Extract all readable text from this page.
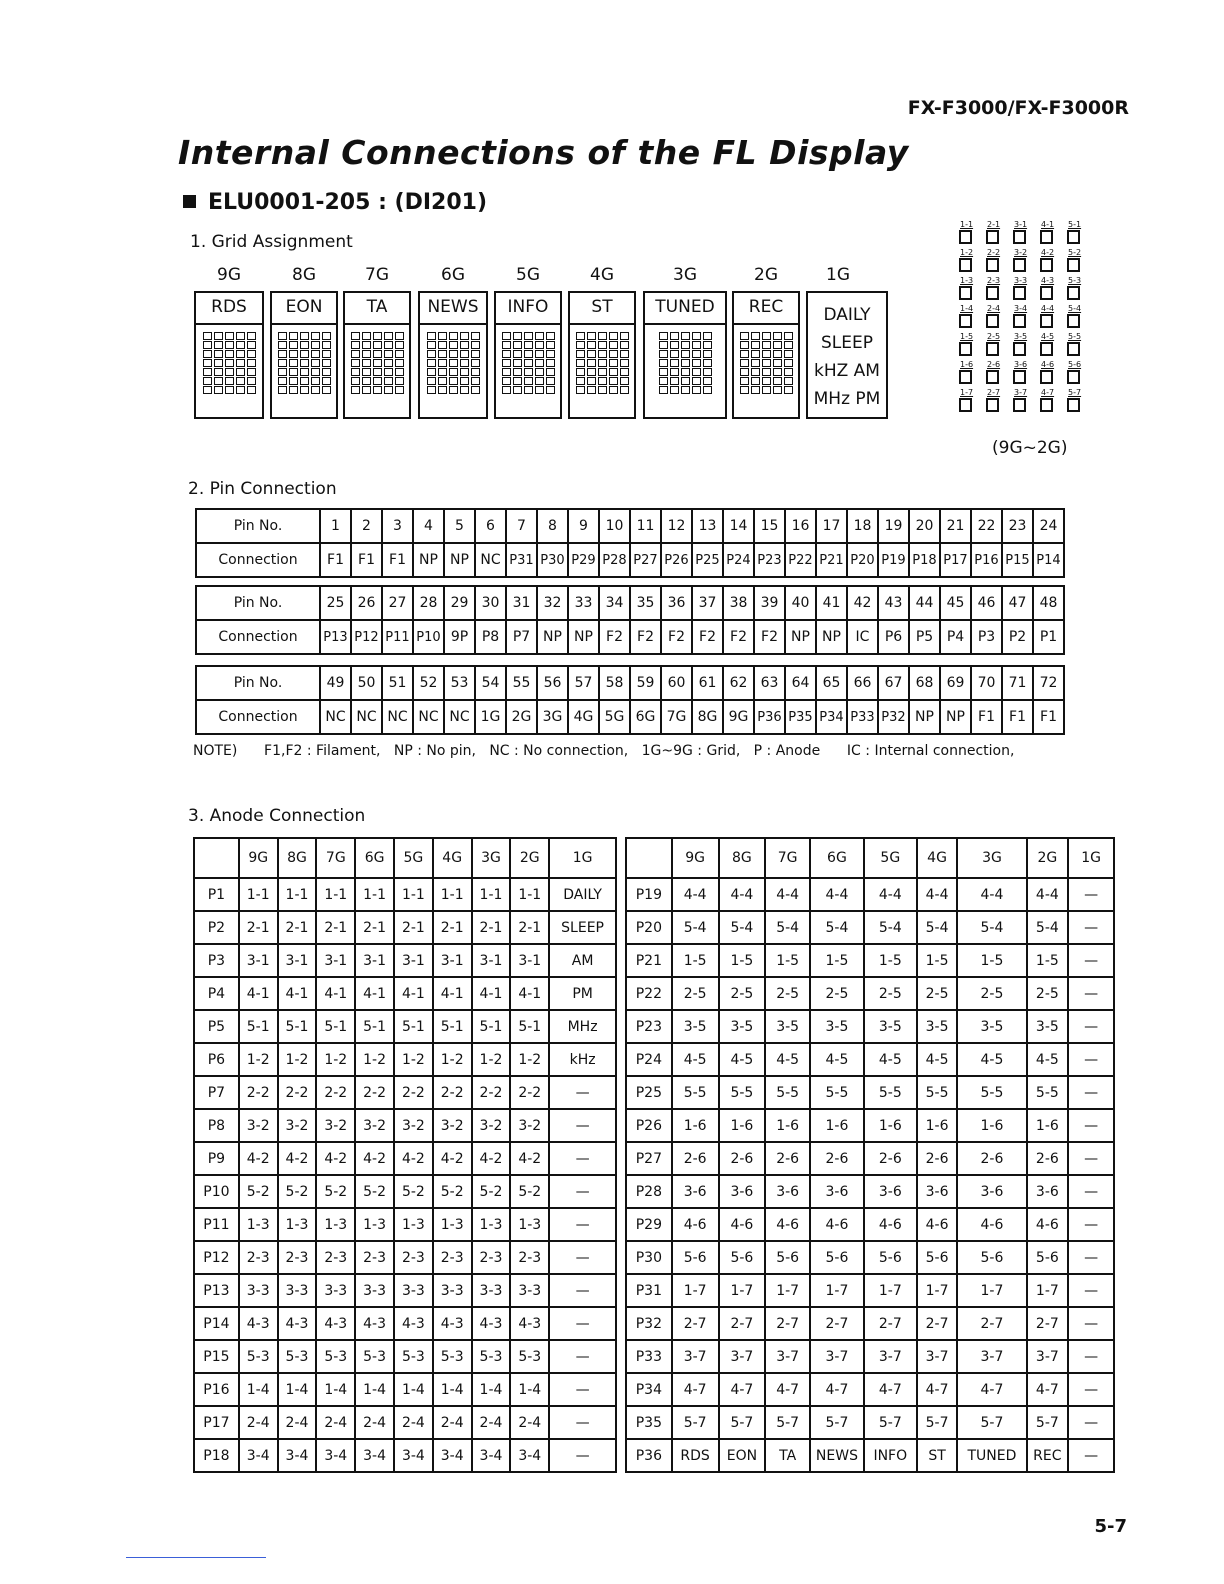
FX-F3000/FX-F3000R
Internal Connections of the FL Display
ELU0001-205 : (DI201)
1. Grid Assignment
9G
RDS
8G
EON
7G
TA
6G
NEWS
5G
INFO
4G
ST
3G
TUNED
2G
REC
1G
DAILY
SLEEP
kHZ AM
MHz PM
1-1 2-1 3-1 4-1 5-1
1-2 2-2 3-2 4-2 5-2
1-3 2-3 3-3 4-3 5-3
1-4 2-4 3-4 4-4 5-4
1-5 2-5 3-5 4-5 5-5
1-6 2-6 3-6 4-6 5-6
1-7 2-7 3-7 4-7 5-7
(9G~2G)
2. Pin Connection
Pin No.	1	2	3	4	5	6	7	8	9	10	11	12	13	14	15	16	17	18	19	20	21	22	23	24
Connection	F1	F1	F1	NP	NP	NC	P31	P30	P29	P28	P27	P26	P25	P24	P23	P22	P21	P20	P19	P18	P17	P16	P15	P14
Pin No.	25	26	27	28	29	30	31	32	33	34	35	36	37	38	39	40	41	42	43	44	45	46	47	48
Connection	P13	P12	P11	P10	9P	P8	P7	NP	NP	F2	F2	F2	F2	F2	F2	NP	NP	IC	P6	P5	P4	P3	P2	P1
Pin No.	49	50	51	52	53	54	55	56	57	58	59	60	61	62	63	64	65	66	67	68	69	70	71	72
Connection	NC	NC	NC	NC	NC	1G	2G	3G	4G	5G	6G	7G	8G	9G	P36	P35	P34	P33	P32	NP	NP	F1	F1	F1
NOTE)      F1,F2 : Filament,   NP : No pin,   NC : No connection,   1G~9G : Grid,   P : Anode      IC : Internal connection,
3. Anode Connection
	9G	8G	7G	6G	5G	4G	3G	2G	1G
P1	1-1	1-1	1-1	1-1	1-1	1-1	1-1	1-1	DAILY
P2	2-1	2-1	2-1	2-1	2-1	2-1	2-1	2-1	SLEEP
P3	3-1	3-1	3-1	3-1	3-1	3-1	3-1	3-1	AM
P4	4-1	4-1	4-1	4-1	4-1	4-1	4-1	4-1	PM
P5	5-1	5-1	5-1	5-1	5-1	5-1	5-1	5-1	MHz
P6	1-2	1-2	1-2	1-2	1-2	1-2	1-2	1-2	kHz
P7	2-2	2-2	2-2	2-2	2-2	2-2	2-2	2-2	—
P8	3-2	3-2	3-2	3-2	3-2	3-2	3-2	3-2	—
P9	4-2	4-2	4-2	4-2	4-2	4-2	4-2	4-2	—
P10	5-2	5-2	5-2	5-2	5-2	5-2	5-2	5-2	—
P11	1-3	1-3	1-3	1-3	1-3	1-3	1-3	1-3	—
P12	2-3	2-3	2-3	2-3	2-3	2-3	2-3	2-3	—
P13	3-3	3-3	3-3	3-3	3-3	3-3	3-3	3-3	—
P14	4-3	4-3	4-3	4-3	4-3	4-3	4-3	4-3	—
P15	5-3	5-3	5-3	5-3	5-3	5-3	5-3	5-3	—
P16	1-4	1-4	1-4	1-4	1-4	1-4	1-4	1-4	—
P17	2-4	2-4	2-4	2-4	2-4	2-4	2-4	2-4	—
P18	3-4	3-4	3-4	3-4	3-4	3-4	3-4	3-4	—
	9G	8G	7G	6G	5G	4G	3G	2G	1G
P19	4-4	4-4	4-4	4-4	4-4	4-4	4-4	4-4	—
P20	5-4	5-4	5-4	5-4	5-4	5-4	5-4	5-4	—
P21	1-5	1-5	1-5	1-5	1-5	1-5	1-5	1-5	—
P22	2-5	2-5	2-5	2-5	2-5	2-5	2-5	2-5	—
P23	3-5	3-5	3-5	3-5	3-5	3-5	3-5	3-5	—
P24	4-5	4-5	4-5	4-5	4-5	4-5	4-5	4-5	—
P25	5-5	5-5	5-5	5-5	5-5	5-5	5-5	5-5	—
P26	1-6	1-6	1-6	1-6	1-6	1-6	1-6	1-6	—
P27	2-6	2-6	2-6	2-6	2-6	2-6	2-6	2-6	—
P28	3-6	3-6	3-6	3-6	3-6	3-6	3-6	3-6	—
P29	4-6	4-6	4-6	4-6	4-6	4-6	4-6	4-6	—
P30	5-6	5-6	5-6	5-6	5-6	5-6	5-6	5-6	—
P31	1-7	1-7	1-7	1-7	1-7	1-7	1-7	1-7	—
P32	2-7	2-7	2-7	2-7	2-7	2-7	2-7	2-7	—
P33	3-7	3-7	3-7	3-7	3-7	3-7	3-7	3-7	—
P34	4-7	4-7	4-7	4-7	4-7	4-7	4-7	4-7	—
P35	5-7	5-7	5-7	5-7	5-7	5-7	5-7	5-7	—
P36	RDS	EON	TA	NEWS	INFO	ST	TUNED	REC	—
5-7
